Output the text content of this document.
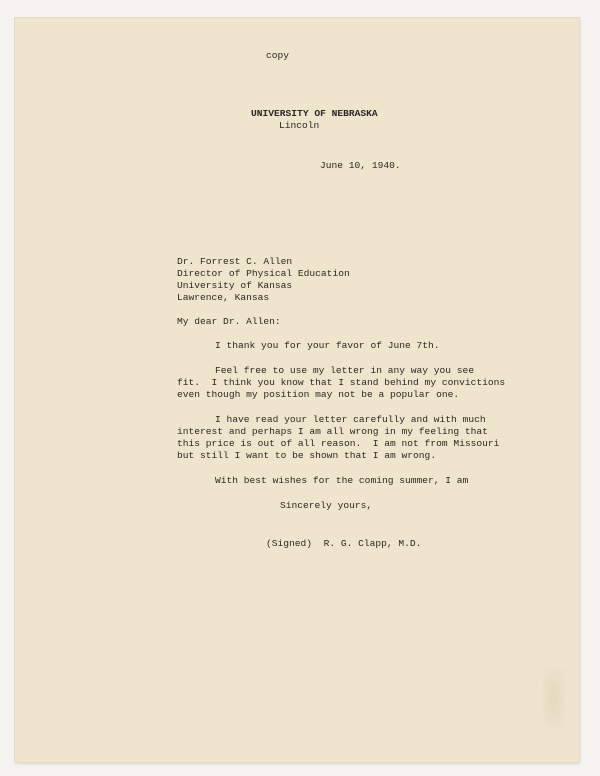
copy
UNIVERSITY OF NEBRASKA
Lincoln
June 10, 1940.
Dr. Forrest C. Allen
Director of Physical Education
University of Kansas
Lawrence, Kansas
My dear Dr. Allen:
I thank you for your favor of June 7th.
Feel free to use my letter in any way you see
fit.  I think you know that I stand behind my convictions
even though my position may not be a popular one.
I have read your letter carefully and with much
interest and perhaps I am all wrong in my feeling that
this price is out of all reason.  I am not from Missouri
but still I want to be shown that I am wrong.
With best wishes for the coming summer, I am
Sincerely yours,
(Signed)  R. G. Clapp, M.D.
